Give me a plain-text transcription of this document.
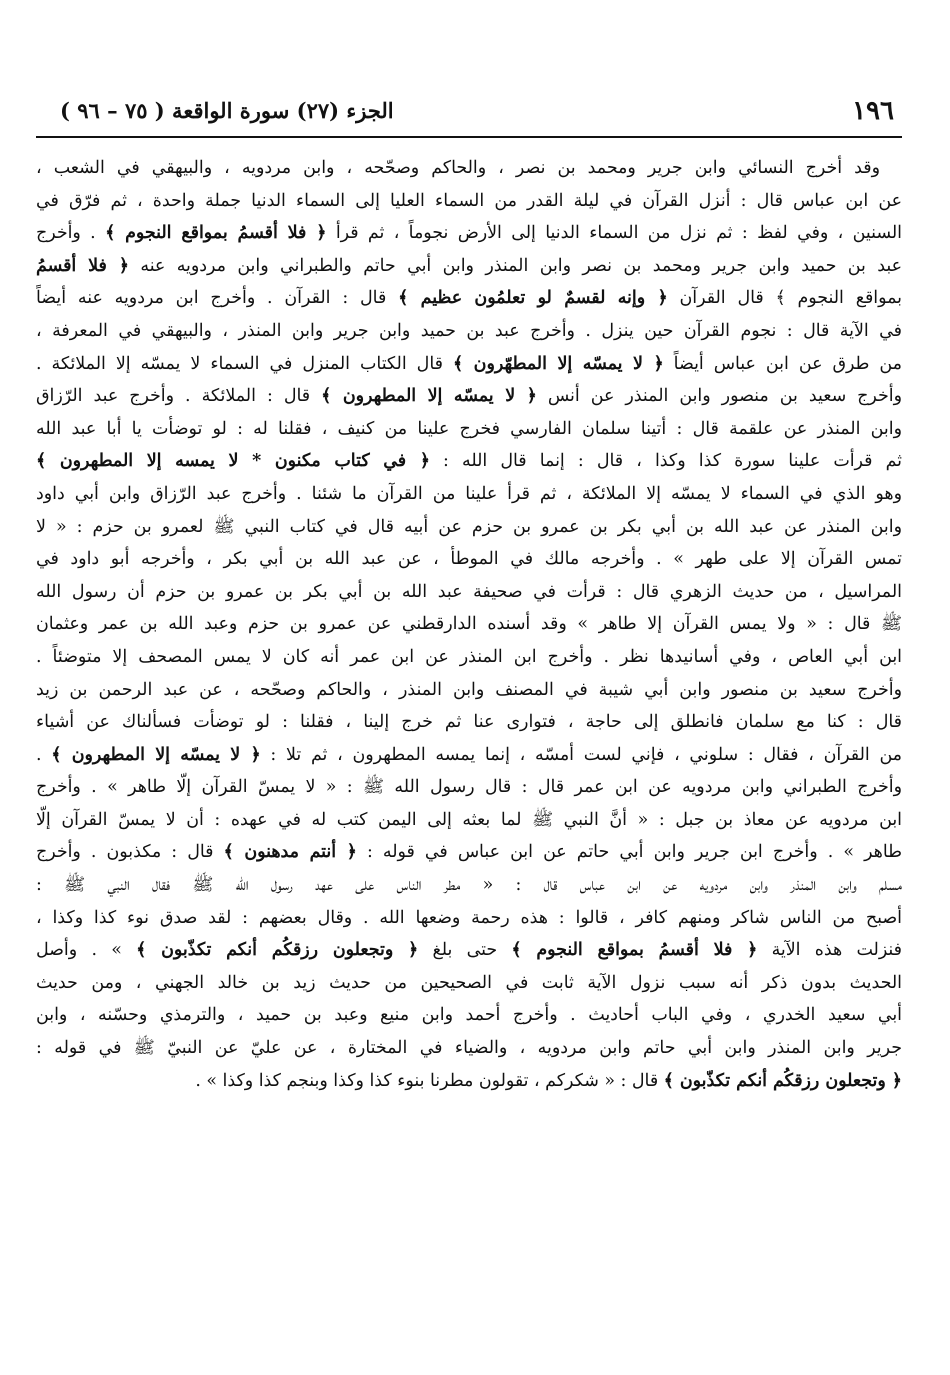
١٩٦
الجزء (٢٧) سورة الواقعة ( ٧٥ – ٩٦ )
وقد أخرج النسائي وابن جرير ومحمد بن نصر ، والحاكم وصحّحه ، وابن مردويه ، والبيهقي في الشعب ،
عن ابن عباس قال : أنزل القرآن في ليلة القدر من السماء العليا إلى السماء الدنيا جملة واحدة ، ثم فرّق في
السنين ، وفي لفظ : ثم نزل من السماء الدنيا إلى الأرض نجوماً ، ثم قرأ ﴿ فلا أقسمُ بمواقع النجوم ﴾ . وأخرج
عبد بن حميد وابن جرير ومحمد بن نصر وابن المنذر وابن أبي حاتم والطبراني وابن مردويه عنه ﴿ فلا أقسمُ
بمواقع النجوم ﴾ قال القرآن ﴿ وإنه لقسمٌ لو تعلمُون عظيم ﴾ قال : القرآن . وأخرج ابن مردويه عنه أيضاً
في الآية قال : نجوم القرآن حين ينزل . وأخرج عبد بن حميد وابن جرير وابن المنذر ، والبيهقي في المعرفة ،
من طرق عن ابن عباس أيضاً ﴿ لا يمسّه إلا المطهّرون ﴾ قال الكتاب المنزل في السماء لا يمسّه إلا الملائكة .
وأخرج سعيد بن منصور وابن المنذر عن أنس ﴿ لا يمسّه إلا المطهرون ﴾ قال : الملائكة . وأخرج عبد الرّزاق
وابن المنذر عن علقمة قال : أتينا سلمان الفارسي فخرج علينا من كنيف ، فقلنا له : لو توضأت يا أبا عبد الله
ثم قرأت علينا سورة كذا وكذا ، قال : إنما قال الله : ﴿ في كتاب مكنون * لا يمسه إلا المطهرون ﴾
وهو الذي في السماء لا يمسّه إلا الملائكة ، ثم قرأ علينا من القرآن ما شئنا . وأخرج عبد الرّزاق وابن أبي داود
وابن المنذر عن عبد الله بن أبي بكر بن عمرو بن حزم عن أبيه قال في كتاب النبي ﷺ لعمرو بن حزم : « لا
تمس القرآن إلا على طهر » . وأخرجه مالك في الموطأ ، عن عبد الله بن أبي بكر ، وأخرجه أبو داود في
المراسيل ، من حديث الزهري قال : قرأت في صحيفة عبد الله بن أبي بكر بن عمرو بن حزم أن رسول الله
ﷺ قال : « ولا يمس القرآن إلا طاهر » وقد أسنده الدارقطني عن عمرو بن حزم وعبد الله بن عمر وعثمان
ابن أبي العاص ، وفي أسانيدها نظر . وأخرج ابن المنذر عن ابن عمر أنه كان لا يمس المصحف إلا متوضئاً .
وأخرج سعيد بن منصور وابن أبي شيبة في المصنف وابن المنذر ، والحاكم وصحّحه ، عن عبد الرحمن بن زيد
قال : كنا مع سلمان فانطلق إلى حاجة ، فتوارى عنا ثم خرج إلينا ، فقلنا : لو توضأت فسألناك عن أشياء
من القرآن ، فقال : سلوني ، فإني لست أمسّه ، إنما يمسه المطهرون ، ثم تلا : ﴿ لا يمسّه إلا المطهرون ﴾ .
وأخرج الطبراني وابن مردويه عن ابن عمر قال : قال رسول الله ﷺ : « لا يمسّ القرآن إلّا طاهر » . وأخرج
ابن مردويه عن معاذ بن جبل : « أنَّ النبي ﷺ لما بعثه إلى اليمن كتب له في عهده : أن لا يمسّ القرآن إلّا
طاهر » . وأخرج ابن جرير وابن أبي حاتم عن ابن عباس في قوله : ﴿ أنتم مدهنون ﴾ قال : مكذبون . وأخرج
مسلم وابن المنذر وابن مردويه عن ابن عباس قال : « مطر الناس على عهد رسول الله ﷺ فقال النبي ﷺ :
أصبح من الناس شاكر ومنهم كافر ، قالوا : هذه رحمة وضعها الله . وقال بعضهم : لقد صدق نوء كذا وكذا ،
فنزلت هذه الآية ﴿ فلا أقسمُ بمواقع النجوم ﴾ حتى بلغ ﴿ وتجعلون رزقكُم أنكم تكذّبون ﴾ » . وأصل
الحديث بدون ذكر أنه سبب نزول الآية ثابت في الصحيحين من حديث زيد بن خالد الجهني ، ومن حديث
أبي سعيد الخدري ، وفي الباب أحاديث . وأخرج أحمد وابن منيع وعبد بن حميد ، والترمذي وحسّنه ، وابن
جرير وابن المنذر وابن أبي حاتم وابن مردويه ، والضياء في المختارة ، عن عليّ عن النبيّ ﷺ في قوله :
﴿ وتجعلون رزقكُم أنكم تكذّبون ﴾ قال : « شكركم ، تقولون مطرنا بنوء كذا وكذا وبنجم كذا وكذا » .
